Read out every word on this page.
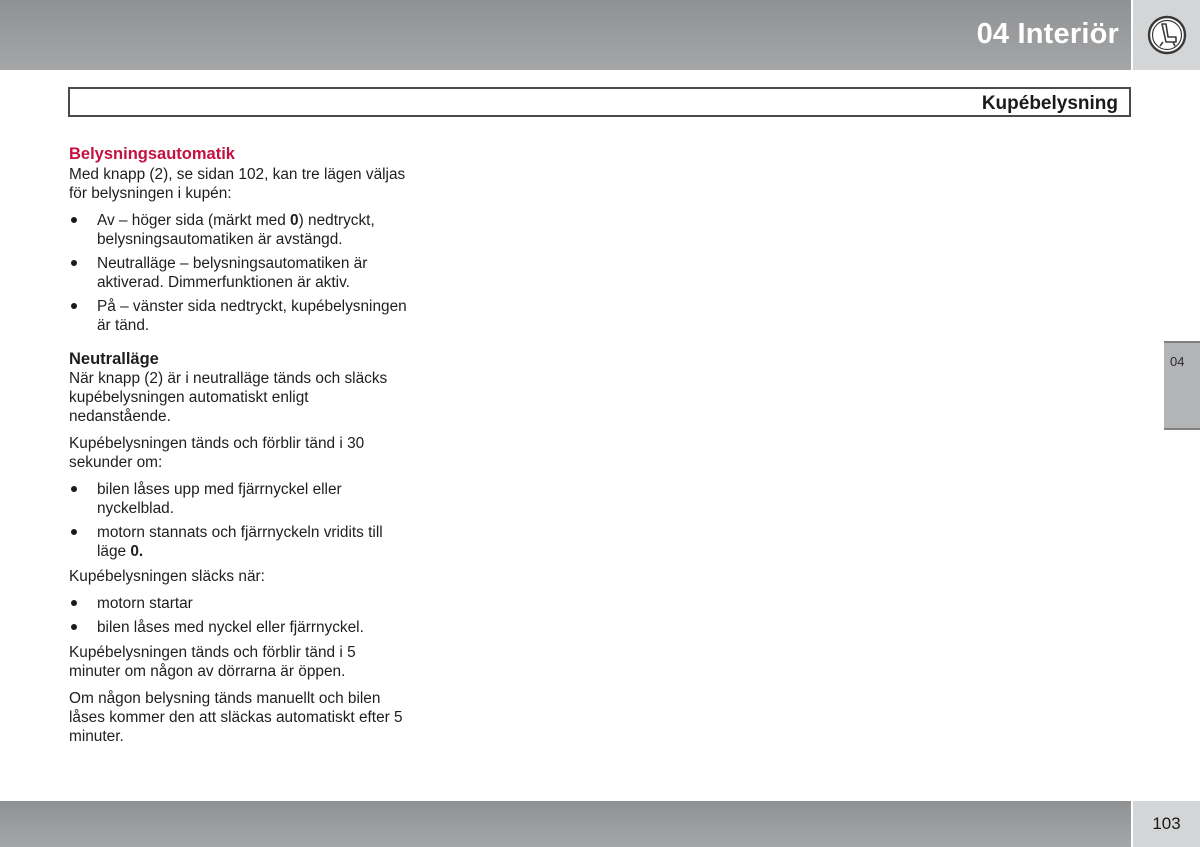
04 Interiör
Kupébelysning
Belysningsautomatik

Med knapp (2), se sidan 102, kan tre lägen väljas för belysningen i kupén:

Av – höger sida (märkt med 0) nedtryckt, belysningsautomatiken är avstängd.
Neutralläge – belysningsautomatiken är aktiverad. Dimmerfunktionen är aktiv.
På – vänster sida nedtryckt, kupébelysningen är tänd.
Neutralläge

När knapp (2) är i neutralläge tänds och släcks kupébelysningen automatiskt enligt nedanstående.

Kupébelysningen tänds och förblir tänd i 30 sekunder om:

bilen låses upp med fjärrnyckel eller nyckelblad.
motorn stannats och fjärrnyckeln vridits till läge 0.

Kupébelysningen släcks när:

motorn startar
bilen låses med nyckel eller fjärrnyckel.

Kupébelysningen tänds och förblir tänd i 5 minuter om någon av dörrarna är öppen.

Om någon belysning tänds manuellt och bilen låses kommer den att släckas automatiskt efter 5 minuter.

04
103
